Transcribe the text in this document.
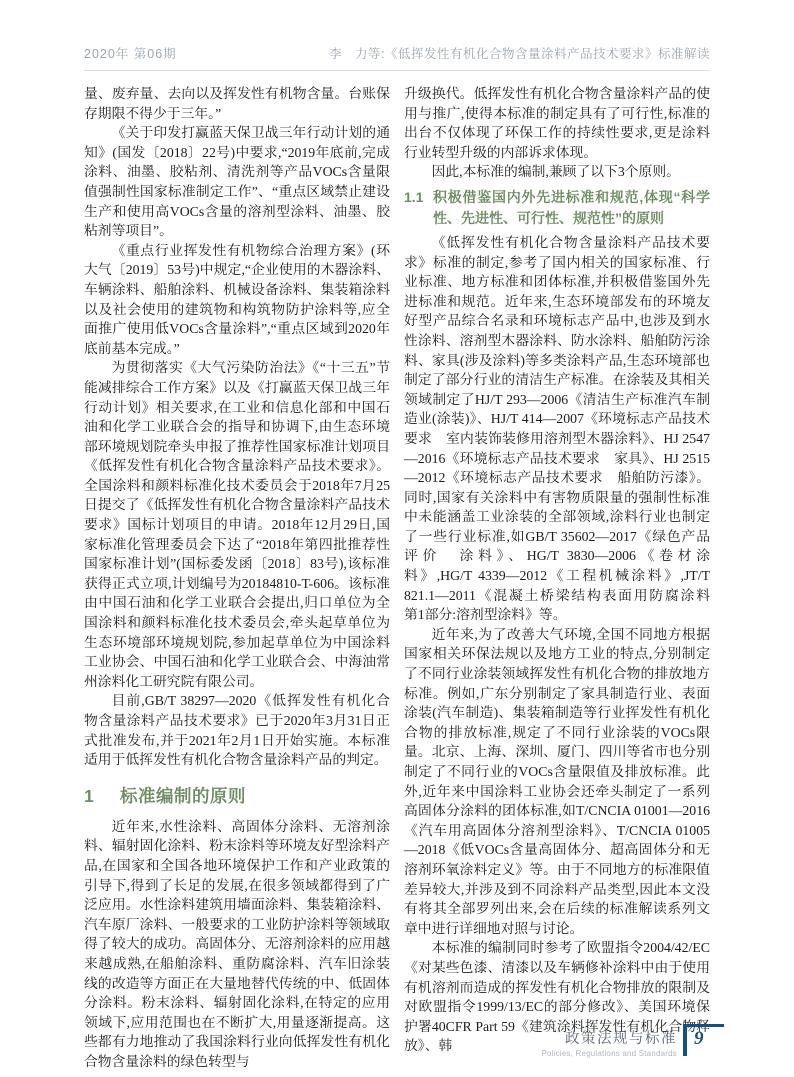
2020年 第06期	李　力等:《低挥发性有机化合物含量涂料产品技术要求》标准解读

量、废弃量、去向以及挥发性有机物含量。台账保存期限不得少于三年。”

《关于印发打赢蓝天保卫战三年行动计划的通知》(国发〔2018〕22号)中要求,“2019年底前,完成涂料、油墨、胶粘剂、清洗剂等产品VOCs含量限值强制性国家标准制定工作”、“重点区域禁止建设生产和使用高VOCs含量的溶剂型涂料、油墨、胶粘剂等项目”。

《重点行业挥发性有机物综合治理方案》(环大气〔2019〕53号)中规定,“企业使用的木器涂料、车辆涂料、船舶涂料、机械设备涂料、集装箱涂料以及社会使用的建筑物和构筑物防护涂料等,应全面推广使用低VOCs含量涂料”,“重点区域到2020年底前基本完成。”

为贯彻落实《大气污染防治法》《“十三五”节能减排综合工作方案》以及《打赢蓝天保卫战三年行动计划》相关要求,在工业和信息化部和中国石油和化学工业联合会的指导和协调下,由生态环境部环境规划院牵头申报了推荐性国家标准计划项目《低挥发性有机化合物含量涂料产品技术要求》。全国涂料和颜料标准化技术委员会于2018年7月25日提交了《低挥发性有机化合物含量涂料产品技术要求》国标计划项目的申请。2018年12月29日,国家标准化管理委员会下达了“2018年第四批推荐性国家标准计划”(国标委发函〔2018〕83号),该标准获得正式立项,计划编号为20184810-T-606。该标准由中国石油和化学工业联合会提出,归口单位为全国涂料和颜料标准化技术委员会,牵头起草单位为生态环境部环境规划院,参加起草单位为中国涂料工业协会、中国石油和化学工业联合会、中海油常州涂料化工研究院有限公司。

目前,GB/T 38297—2020《低挥发性有机化合物含量涂料产品技术要求》已于2020年3月31日正式批准发布,并于2021年2月1日开始实施。本标准适用于低挥发性有机化合物含量涂料产品的判定。

1	标准编制的原则

近年来,水性涂料、高固体分涂料、无溶剂涂料、辐射固化涂料、粉末涂料等环境友好型涂料产品,在国家和全国各地环境保护工作和产业政策的引导下,得到了长足的发展,在很多领域都得到了广泛应用。水性涂料建筑用墙面涂料、集装箱涂料、汽车原厂涂料、一般要求的工业防护涂料等领域取得了较大的成功。高固体分、无溶剂涂料的应用越来越成熟,在船舶涂料、重防腐涂料、汽车旧涂装线的改造等方面正在大量地替代传统的中、低固体分涂料。粉末涂料、辐射固化涂料,在特定的应用领域下,应用范围也在不断扩大,用量逐渐提高。这些都有力地推动了我国涂料行业向低挥发性有机化合物含量涂料的绿色转型与

升级换代。低挥发性有机化合物含量涂料产品的使用与推广,使得本标准的制定具有了可行性,标准的出台不仅体现了环保工作的持续性要求,更是涂料行业转型升级的内部诉求体现。

因此,本标准的编制,兼顾了以下3个原则。

1.1 积极借鉴国内外先进标准和规范,体现“科学性、先进性、可行性、规范性”的原则

《低挥发性有机化合物含量涂料产品技术要求》标准的制定,参考了国内相关的国家标准、行业标准、地方标准和团体标准,并积极借鉴国外先进标准和规范。近年来,生态环境部发布的环境友好型产品综合名录和环境标志产品中,也涉及到水性涂料、溶剂型木器涂料、防水涂料、船舶防污涂料、家具(涉及涂料)等多类涂料产品,生态环境部也制定了部分行业的清洁生产标准。在涂装及其相关领域制定了HJ/T 293—2006《清洁生产标准汽车制造业(涂装)》、HJ/T 414—2007《环境标志产品技术要求　室内装饰装修用溶剂型木器涂料》、HJ 2547—2016《环境标志产品技术要求　家具》、HJ 2515—2012《环境标志产品技术要求　船舶防污漆》。同时,国家有关涂料中有害物质限量的强制性标准中未能涵盖工业涂装的全部领域,涂料行业也制定了一些行业标准,如GB/T 35602—2017《绿色产品评价　涂料》、HG/T 3830—2006《卷材涂料》,HG/T 4339—2012《工程机械涂料》,JT/T 821.1—2011《混凝土桥梁结构表面用防腐涂料　第1部分:溶剂型涂料》等。

近年来,为了改善大气环境,全国不同地方根据国家相关环保法规以及地方工业的特点,分别制定了不同行业涂装领域挥发性有机化合物的排放地方标准。例如,广东分别制定了家具制造行业、表面涂装(汽车制造)、集装箱制造等行业挥发性有机化合物的排放标准,规定了不同行业涂装的VOCs限量。北京、上海、深圳、厦门、四川等省市也分别制定了不同行业的VOCs含量限值及排放标准。此外,近年来中国涂料工业协会还牵头制定了一系列高固体分涂料的团体标准,如T/CNCIA 01001—2016《汽车用高固体分溶剂型涂料》、T/CNCIA 01005—2018《低VOCs含量高固体分、超高固体分和无溶剂环氧涂料定义》等。由于不同地方的标准限值差异较大,并涉及到不同涂料产品类型,因此本文没有将其全部罗列出来,会在后续的标准解读系列文章中进行详细地对照与讨论。

本标准的编制同时参考了欧盟指令2004/42/EC《对某些色漆、清漆以及车辆修补涂料中由于使用有机溶剂而造成的挥发性有机化合物排放的限制及对欧盟指令1999/13/EC的部分修改》、美国环境保护署40CFR Part 59《建筑涂料挥发性有机化合物释放》、韩	政策法规与标准
Policies, Regulations and Standards
9
